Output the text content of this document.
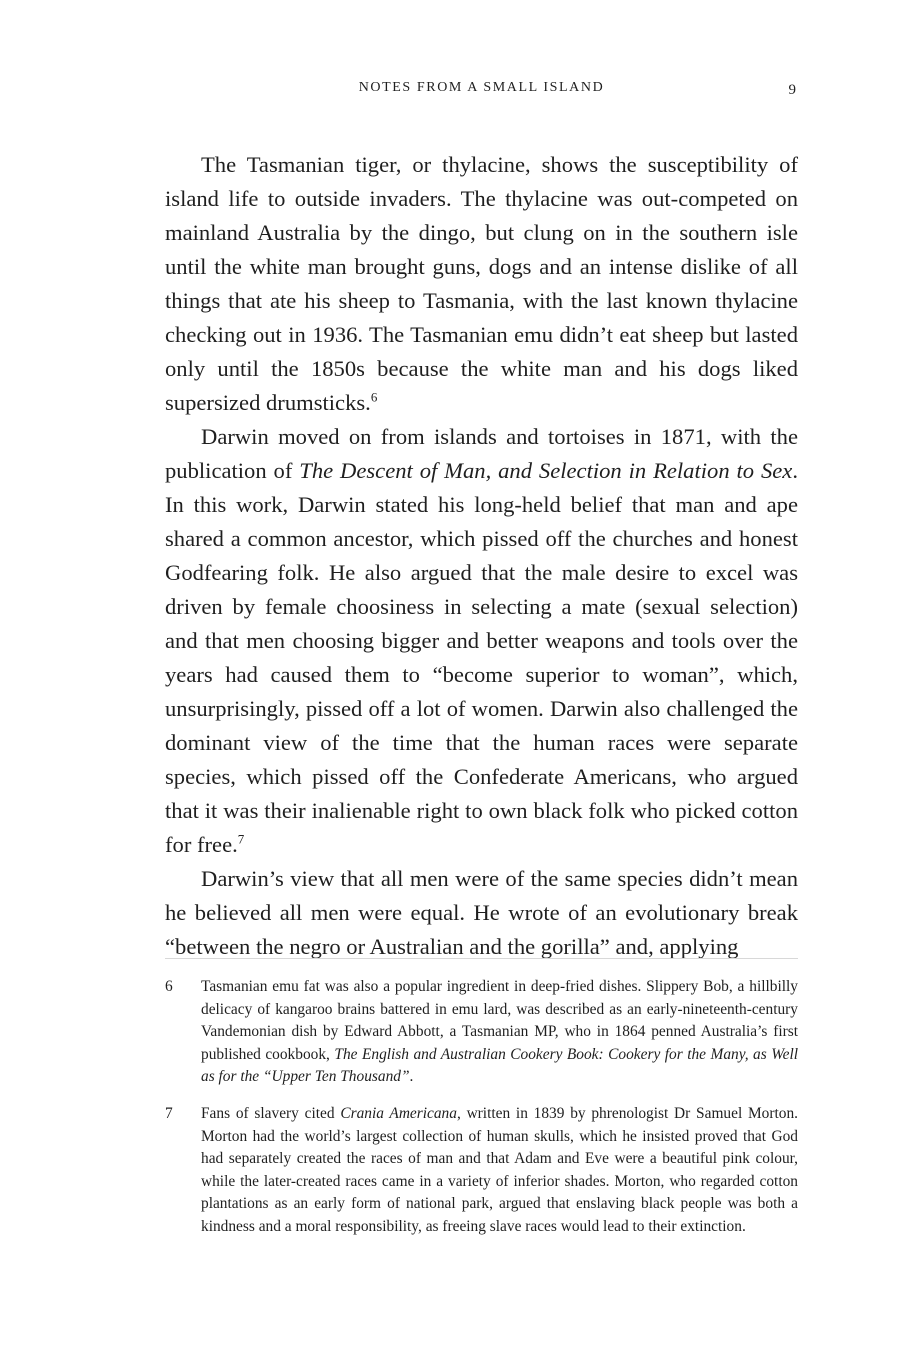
NOTES FROM A SMALL ISLAND	9

The Tasmanian tiger, or thylacine, shows the susceptibility of island life to outside invaders. The thylacine was out-competed on mainland Australia by the dingo, but clung on in the southern isle until the white man brought guns, dogs and an intense dislike of all things that ate his sheep to Tasmania, with the last known thylacine checking out in 1936. The Tasmanian emu didn’t eat sheep but lasted only until the 1850s because the white man and his dogs liked supersized drumsticks.$^6$

Darwin moved on from islands and tortoises in 1871, with the publication of The Descent of Man, and Selection in Relation to Sex. In this work, Darwin stated his long-held belief that man and ape shared a common ancestor, which pissed off the churches and honest Godfearing folk. He also argued that the male desire to excel was driven by female choosiness in selecting a mate (sexual selection) and that men choosing bigger and better weapons and tools over the years had caused them to “become superior to woman”, which, unsurprisingly, pissed off a lot of women. Darwin also challenged the dominant view of the time that the human races were separate species, which pissed off the Confederate Americans, who argued that it was their inalienable right to own black folk who picked cotton for free.$^7$

Darwin’s view that all men were of the same species didn’t mean he believed all men were equal. He wrote of an evolutionary break “between the negro or Australian and the gorilla” and, applying

6 Tasmanian emu fat was also a popular ingredient in deep-fried dishes. Slippery Bob, a hillbilly delicacy of kangaroo brains battered in emu lard, was described as an early-nineteenth-century Vandemonian dish by Edward Abbott, a Tasmanian MP, who in 1864 penned Australia’s first published cookbook, The English and Australian Cookery Book: Cookery for the Many, as Well as for the “Upper Ten Thousand”.
7 Fans of slavery cited Crania Americana, written in 1839 by phrenologist Dr Samuel Morton. Morton had the world’s largest collection of human skulls, which he insisted proved that God had separately created the races of man and that Adam and Eve were a beautiful pink colour, while the later-created races came in a variety of inferior shades. Morton, who regarded cotton plantations as an early form of national park, argued that enslaving black people was both a kindness and a moral responsibility, as freeing slave races would lead to their extinction.
